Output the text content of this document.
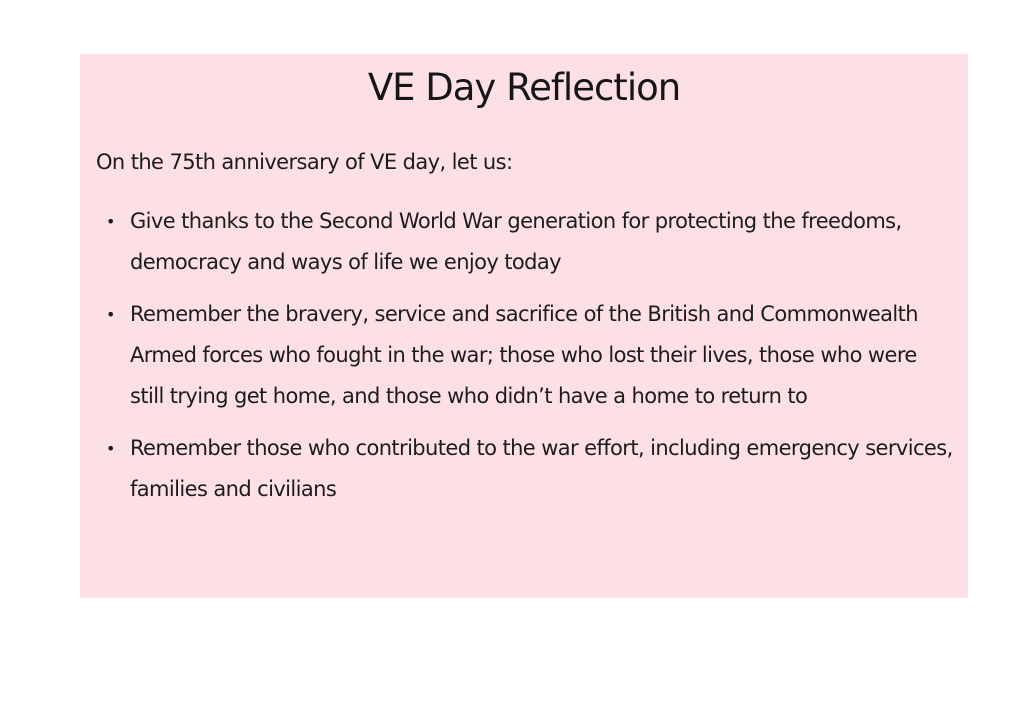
VE Day Reflection

On the 75th anniversary of VE day, let us:

• Give thanks to the Second World War generation for protecting the freedoms, democracy and ways of life we enjoy today
• Remember the bravery, service and sacrifice of the British and Commonwealth Armed forces who fought in the war; those who lost their lives, those who were still trying get home, and those who didn’t have a home to return to
• Remember those who contributed to the war effort, including emergency services, families and civilians
